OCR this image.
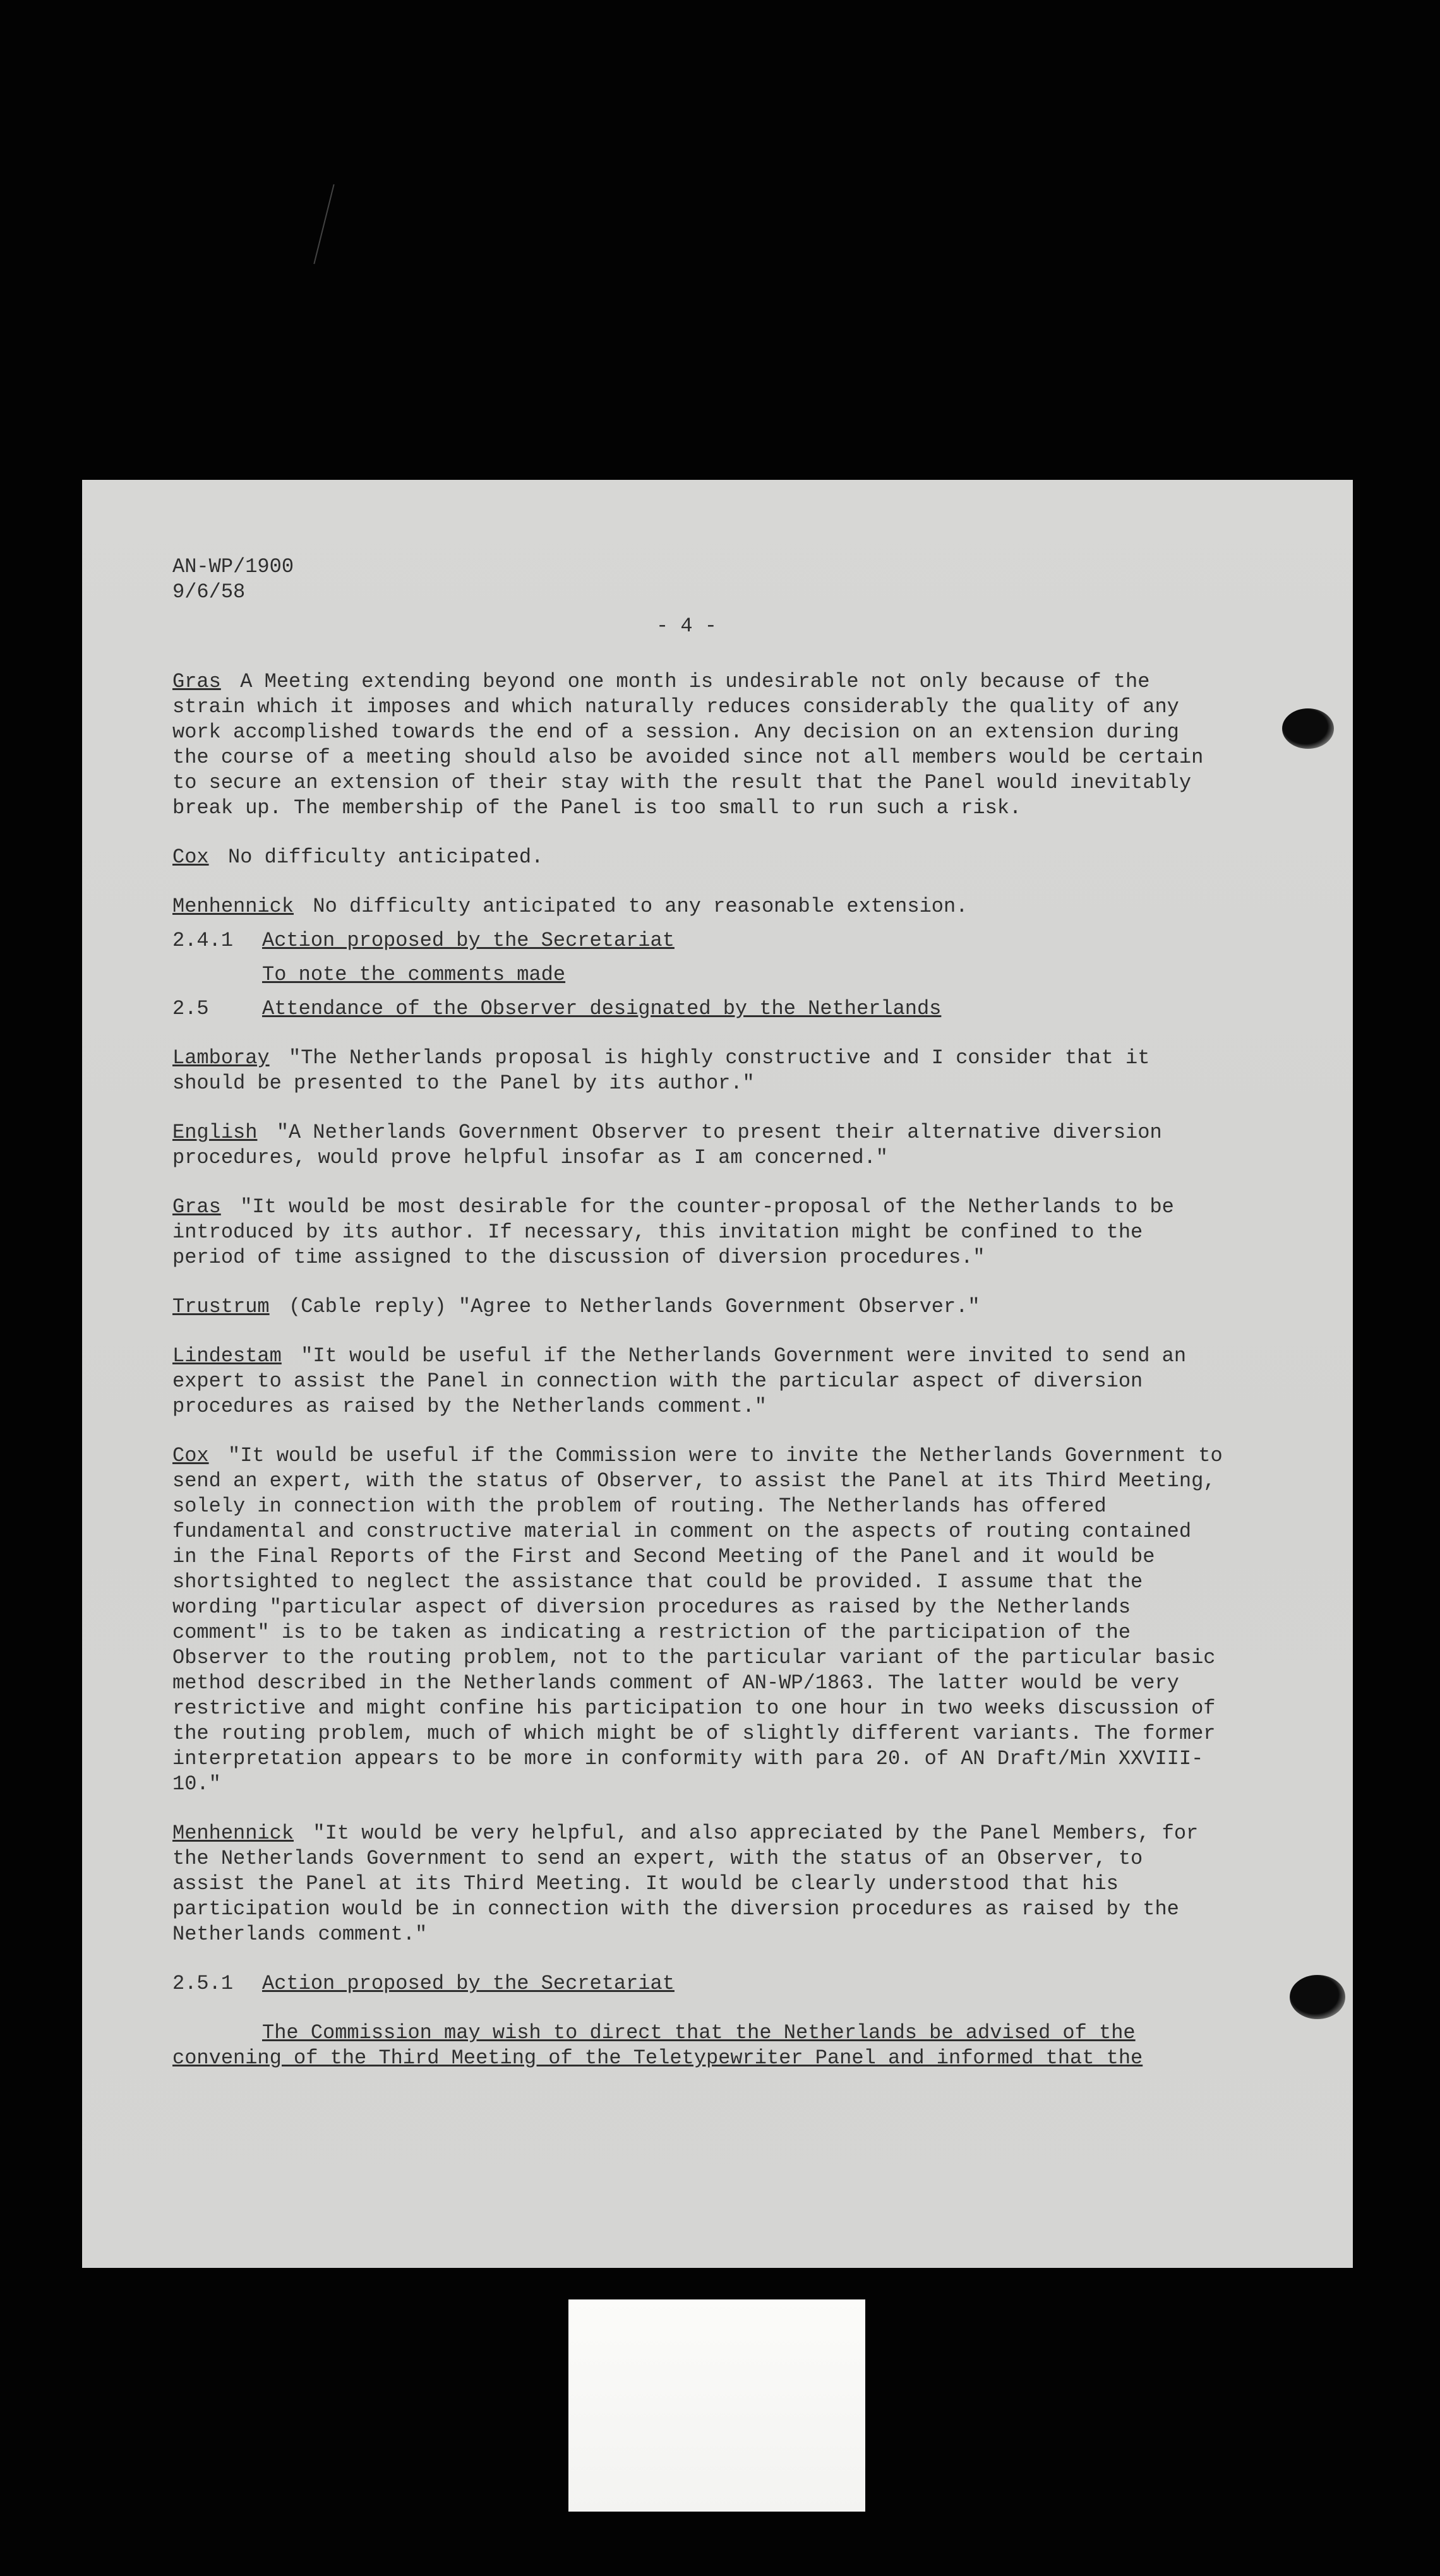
AN-WP/1900
9/6/58
- 4 -

Gras A Meeting extending beyond one month is undesirable not only because of the strain which it imposes and which naturally reduces considerably the quality of any work accomplished towards the end of a session. Any decision on an extension during the course of a meeting should also be avoided since not all members would be certain to secure an extension of their stay with the result that the Panel would inevitably break up. The membership of the Panel is too small to run such a risk.

Cox No difficulty anticipated.

Menhennick No difficulty anticipated to any reasonable extension.

2.4.1	Action proposed by the Secretariat
To note the comments made
2.5	Attendance of the Observer designated by the Netherlands

Lamboray "The Netherlands proposal is highly constructive and I consider that it should be presented to the Panel by its author."

English "A Netherlands Government Observer to present their alternative diversion procedures, would prove helpful insofar as I am concerned."

Gras "It would be most desirable for the counter-proposal of the Netherlands to be introduced by its author. If necessary, this invitation might be confined to the period of time assigned to the discussion of diversion procedures."

Trustrum (Cable reply) "Agree to Netherlands Government Observer."

Lindestam "It would be useful if the Netherlands Government were invited to send an expert to assist the Panel in connection with the particular aspect of diversion procedures as raised by the Netherlands comment."

Cox "It would be useful if the Commission were to invite the Netherlands Government to send an expert, with the status of Observer, to assist the Panel at its Third Meeting, solely in connection with the problem of routing. The Netherlands has offered fundamental and constructive material in comment on the aspects of routing contained in the Final Reports of the First and Second Meeting of the Panel and it would be shortsighted to neglect the assistance that could be provided. I assume that the wording "particular aspect of diversion procedures as raised by the Netherlands comment" is to be taken as indicating a restriction of the participation of the Observer to the routing problem, not to the particular variant of the particular basic method described in the Netherlands comment of AN-WP/1863. The latter would be very restrictive and might confine his participation to one hour in two weeks discussion of the routing problem, much of which might be of slightly different variants. The former interpretation appears to be more in conformity with para 20. of AN Draft/Min XXVIII-10."

Menhennick "It would be very helpful, and also appreciated by the Panel Members, for the Netherlands Government to send an expert, with the status of an Observer, to assist the Panel at its Third Meeting. It would be clearly understood that his participation would be in connection with the diversion procedures as raised by the Netherlands comment."

2.5.1	Action proposed by the Secretariat

The Commission may wish to direct that the Netherlands be advised of the convening of the Third Meeting of the Teletypewriter Panel and informed that the
